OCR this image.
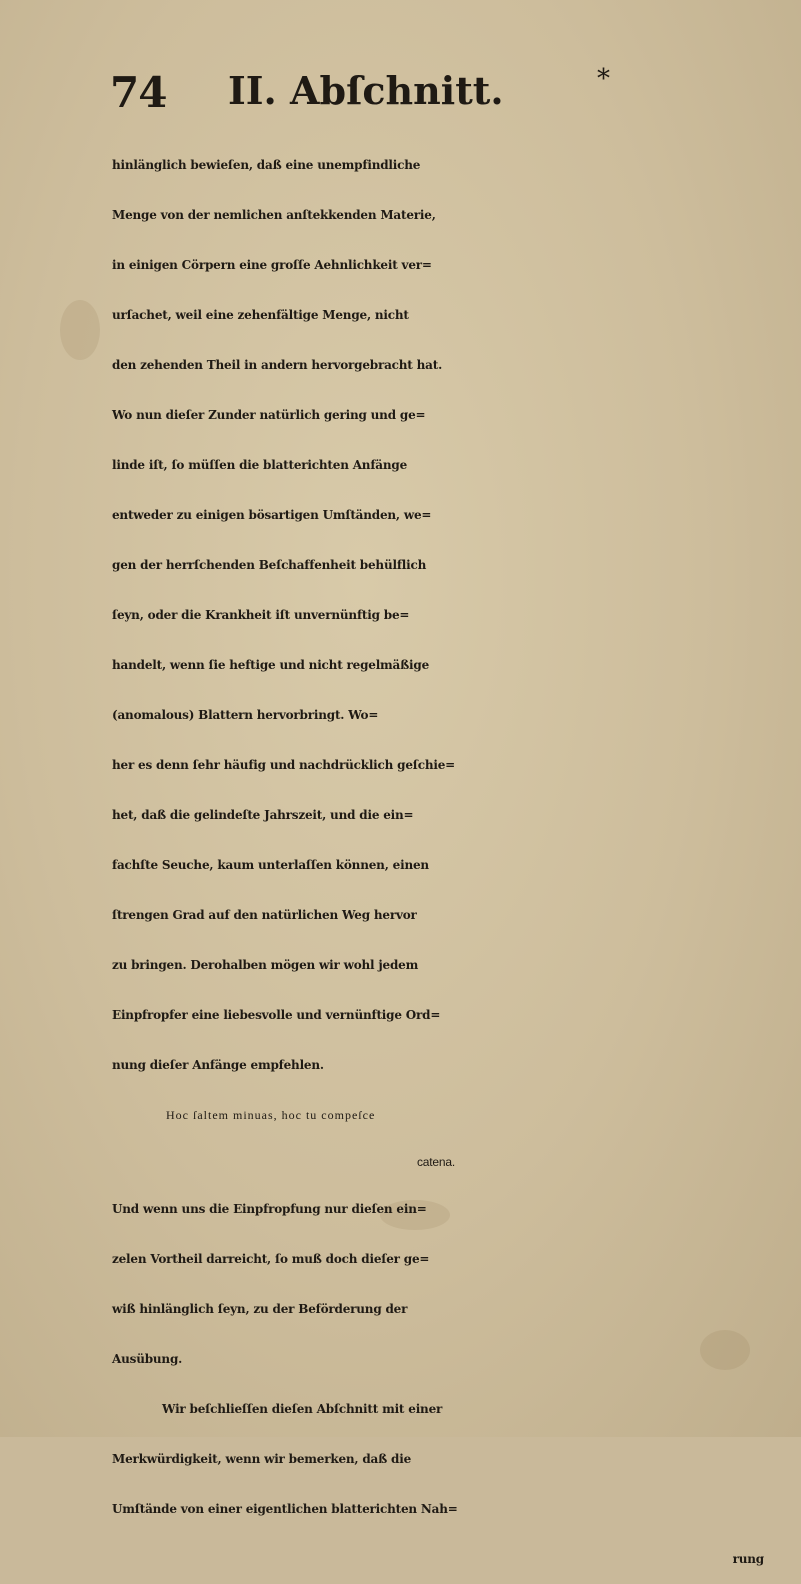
74 II. Abſchnitt.	*
hinlänglich bewieſen, daß eine unempfindliche
Menge von der nemlichen anſtekkenden Materie,
in einigen Cörpern eine groſſe Aehnlichkeit ver=
urſachet, weil eine zehenfältige Menge, nicht
den zehenden Theil in andern hervorgebracht hat.
Wo nun dieſer Zunder natürlich gering und ge=
linde iſt, ſo müſſen die blatterichten Anfänge
entweder zu einigen bösartigen Umſtänden, we=
gen der herrſchenden Beſchaffenheit behülflich
ſeyn, oder die Krankheit iſt unvernünftig be=
handelt, wenn ſie heftige und nicht regelmäßige
(anomalous) Blattern hervorbringt. Wo=
her es denn ſehr häufig und nachdrücklich geſchie=
het, daß die gelindeſte Jahrszeit, und die ein=
fachſte Seuche, kaum unterlaſſen können, einen
ſtrengen Grad auf den natürlichen Weg hervor
zu bringen. Derohalben mögen wir wohl jedem
Einpfropfer eine liebesvolle und vernünftige Ord=
nung dieſer Anfänge empfehlen.
Hoc ſaltem minuas, hoc tu compeſce
catena.
Und wenn uns die Einpfropfung nur dieſen ein=
zelen Vortheil darreicht, ſo muß doch dieſer ge=
wiß hinlänglich ſeyn, zu der Beförderung der
Ausübung.
Wir beſchlieſſen dieſen Abſchnitt mit einer
Merkwürdigkeit, wenn wir bemerken, daß die
Umſtände von einer eigentlichen blatterichten Nah=
rung
